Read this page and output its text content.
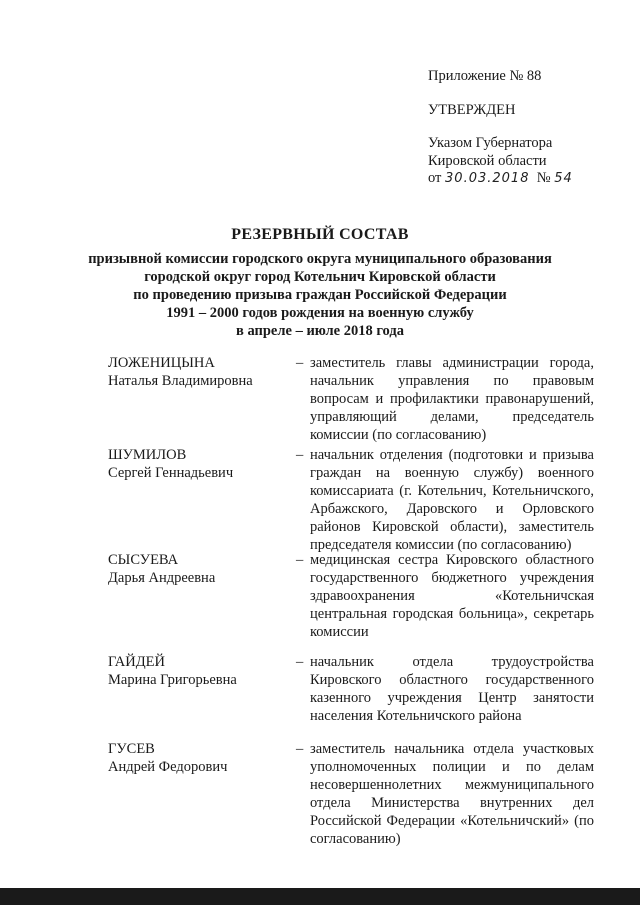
Приложение № 88
УТВЕРЖДЕН
Указом Губернатора
Кировской области
от 30.03.2018 № 54
РЕЗЕРВНЫЙ СОСТАВ
призывной комиссии городского округа муниципального образования
городской округ город Котельнич Кировской области
по проведению призыва граждан Российской Федерации
1991 – 2000 годов рождения на военную службу
в апреле – июле 2018 года
ЛОЖЕНИЦЫНА
Наталья Владимировна
– заместитель главы администрации города, начальник управления по правовым вопросам и профилактики правонарушений, управляющий делами, председатель комиссии (по согласованию)
ШУМИЛОВ
Сергей Геннадьевич
– начальник отделения (подготовки и призыва граждан на военную службу) военного комиссариата (г. Котельнич, Котельничского, Арбажского, Даровского и Орловского районов Кировской области), заместитель председателя комиссии (по согласованию)
СЫСУЕВА
Дарья Андреевна
– медицинская сестра Кировского областного государственного бюджетного учреждения здравоохранения «Котельничская центральная городская больница», секретарь комиссии
ГАЙДЕЙ
Марина Григорьевна
– начальник отдела трудоустройства Кировского областного государственного казенного учреждения Центр занятости населения Котельничского района
ГУСЕВ
Андрей Федорович
– заместитель начальника отдела участковых уполномоченных полиции и по делам несовершеннолетних межмуниципального отдела Министерства внутренних дел Российской Федерации «Котельничский» (по согласованию)
